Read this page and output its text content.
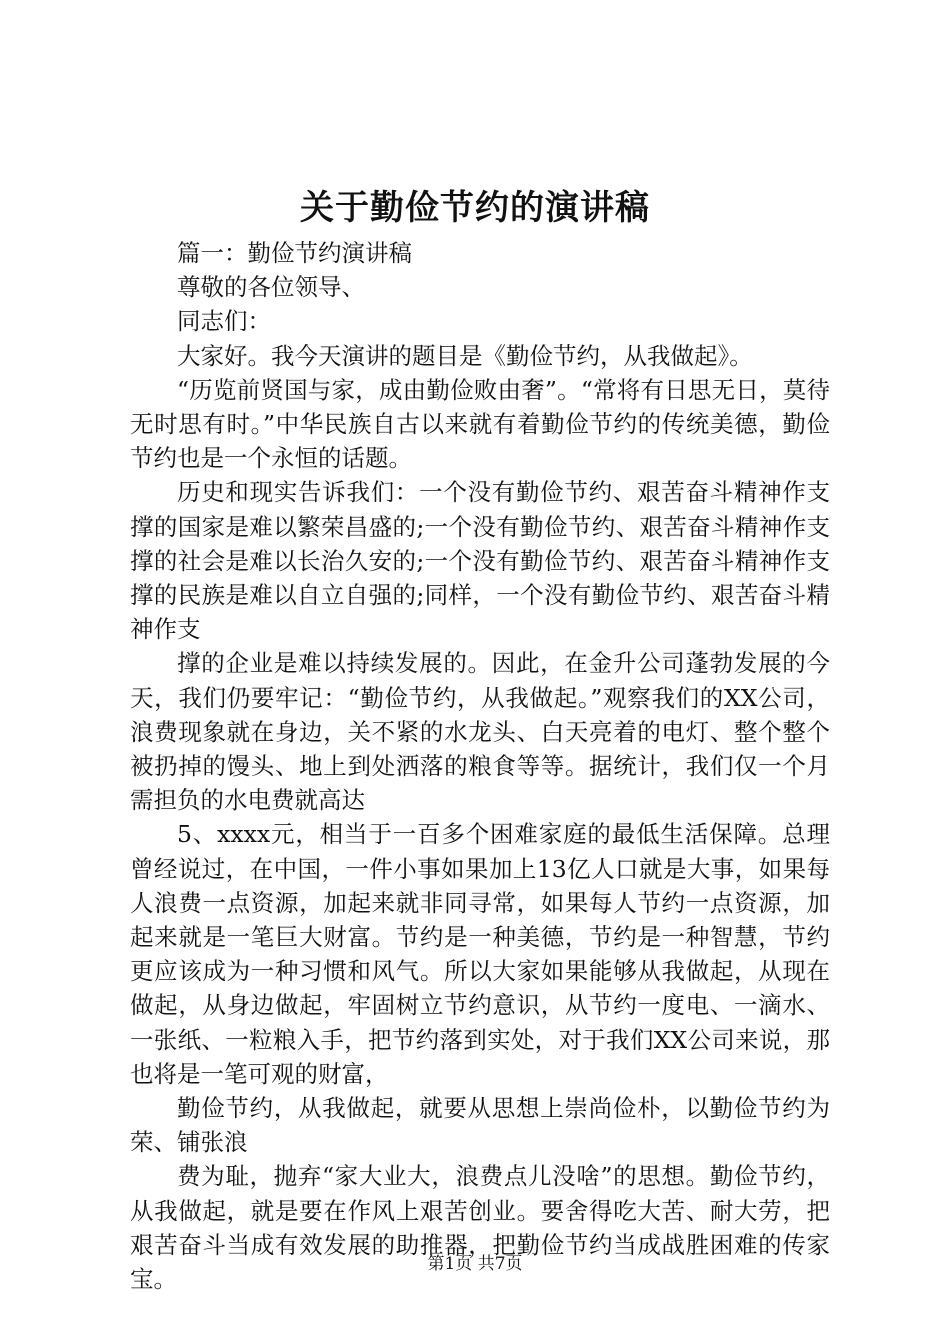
关于勤俭节约的演讲稿

篇一：勤俭节约演讲稿

尊敬的各位领导、

同志们：

大家好。我今天演讲的题目是《勤俭节约，从我做起》。

“历览前贤国与家，成由勤俭败由奢”。“常将有日思无日，莫待无时思有时。”中华民族自古以来就有着勤俭节约的传统美德，勤俭节约也是一个永恒的话题。

历史和现实告诉我们：一个没有勤俭节约、艰苦奋斗精神作支撑的国家是难以繁荣昌盛的;一个没有勤俭节约、艰苦奋斗精神作支撑的社会是难以长治久安的;一个没有勤俭节约、艰苦奋斗精神作支撑的民族是难以自立自强的;同样，一个没有勤俭节约、艰苦奋斗精神作支

撑的企业是难以持续发展的。因此，在金升公司蓬勃发展的今天，我们仍要牢记：“勤俭节约，从我做起。”观察我们的XX公司，浪费现象就在身边，关不紧的水龙头、白天亮着的电灯、整个整个被扔掉的馒头、地上到处洒落的粮食等等。据统计，我们仅一个月需担负的水电费就高达

5、xxxx元，相当于一百多个困难家庭的最低生活保障。总理曾经说过，在中国，一件小事如果加上13亿人口就是大事，如果每人浪费一点资源，加起来就非同寻常，如果每人节约一点资源，加起来就是一笔巨大财富。节约是一种美德，节约是一种智慧，节约更应该成为一种习惯和风气。所以大家如果能够从我做起，从现在做起，从身边做起，牢固树立节约意识，从节约一度电、一滴水、一张纸、一粒粮入手，把节约落到实处，对于我们XX公司来说，那也将是一笔可观的财富，

勤俭节约，从我做起，就要从思想上崇尚俭朴，以勤俭节约为荣、铺张浪

费为耻，抛弃“家大业大，浪费点儿没啥”的思想。勤俭节约，从我做起，就是要在作风上艰苦创业。要舍得吃大苦、耐大劳，把艰苦奋斗当成有效发展的助推器，把勤俭节约当成战胜困难的传家宝。

第1页 共7页
